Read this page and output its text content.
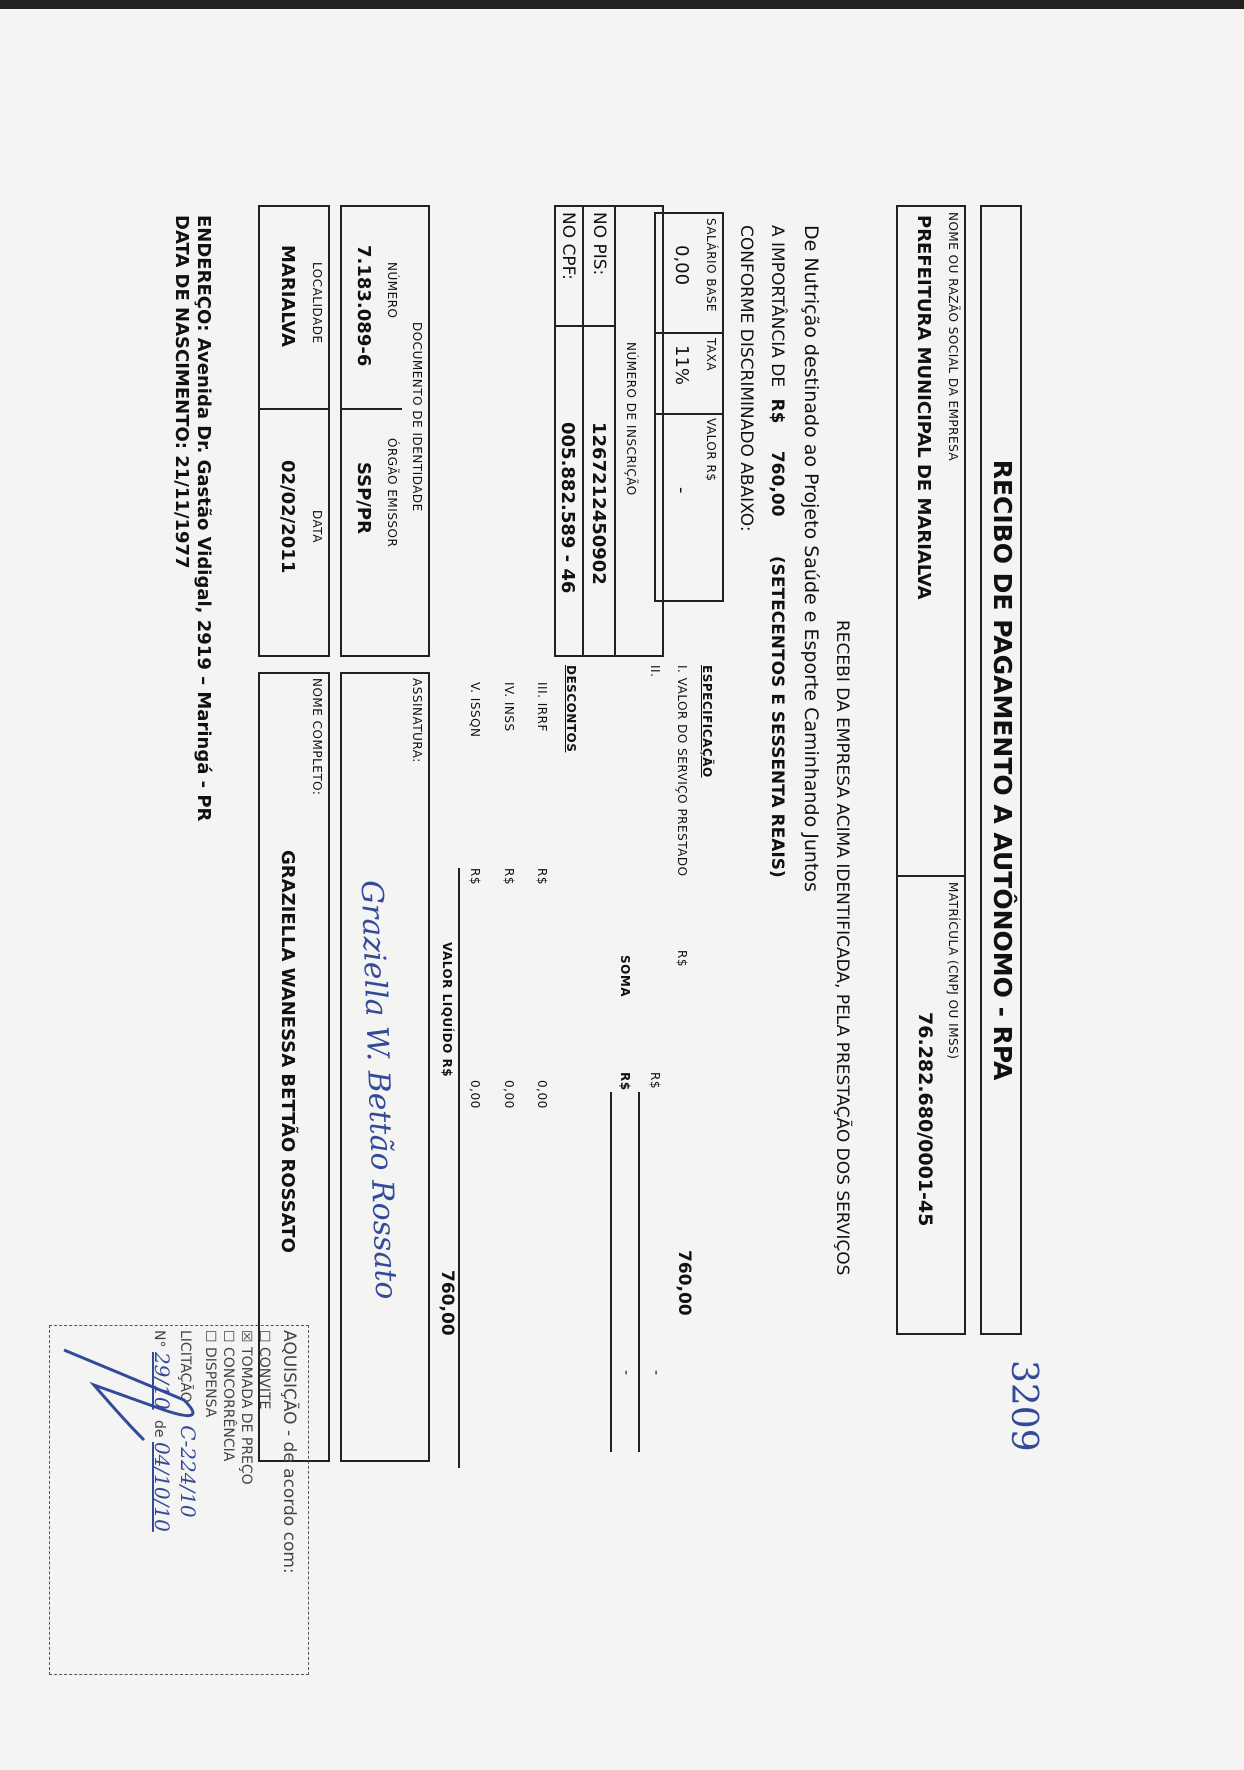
RECIBO DE PAGAMENTO A AUTÔNOMO - RPA
3209
NOME OU RAZÃO SOCIAL DA EMPRESA
PREFEITURA MUNICIPAL DE MARIALVA
MATRÍCULA (CNPJ OU IMSS)
76.282.680/0001-45
RECEBI DA EMPRESA ACIMA IDENTIFICADA, PELA PRESTAÇÃO DOS SERVIÇOS
De Nutrição destinado ao Projeto Saúde e Esporte Caminhando Juntos
A IMPORTÂNCIA DE R$ 760,00 (SETECENTOS E SESSENTA REAIS)
CONFORME DISCRIMINADO ABAIXO:
SALÁRIO BASE
0,00
TAXA
11%
VALOR R$
-
ESPECIFICAÇÃO
I. VALOR DO SERVIÇO PRESTADO
R$
760,00
II.
R$
-
SOMA
R$
-
NÚMERO DE INSCRIÇÃO
NO PIS:
1267212450902
NO CPF:
005.882.589 - 46
DESCONTOS
III. IRRF
R$
0,00
IV. INSS
R$
0,00
V. ISSQN
R$
0,00
VALOR LIQUÍDO R$
760,00
DOCUMENTO DE IDENTIDADE
NÚMERO
7.183.089-6
ÓRGÃO EMISSOR
SSP/PR
ASSINATURA:
Graziella W. Bettão Rossato
LOCALIDADE
MARIALVA
DATA
02/02/2011
NOME COMPLETO:
GRAZIELLA WANESSA BETTÃO ROSSATO
ENDEREÇO: Avenida Dr. Gastão Vidigal, 2919 – Maringá - PR
DATA DE NASCIMENTO: 21/11/1977
AQUISIÇÃO - de acordo com:
☐ CONVITE
☒ TOMADA DE PREÇO
☐ CONCORRÊNCIA
☐ DISPENSA
LICITAÇÃO C-224/10
N° 29/10 de 04/10/10
